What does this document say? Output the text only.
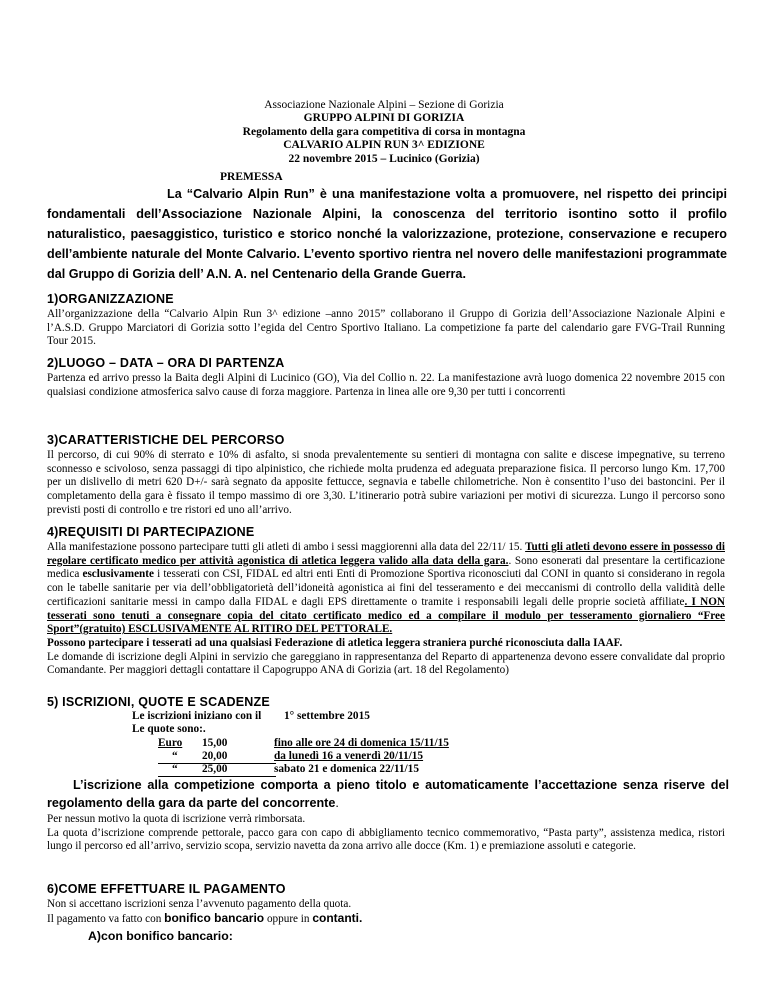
Associazione Nazionale Alpini – Sezione di Gorizia
GRUPPO ALPINI DI GORIZIA
Regolamento della gara competitiva di corsa in montagna
CALVARIO ALPIN RUN 3^ EDIZIONE
22 novembre 2015 – Lucinico (Gorizia)
PREMESSA
La “Calvario Alpin Run” è una manifestazione volta a promuovere, nel rispetto dei principi fondamentali dell’Associazione Nazionale Alpini, la conoscenza del territorio isontino sotto il profilo naturalistico, paesaggistico, turistico e storico nonché la valorizzazione, protezione, conservazione e recupero dell’ambiente naturale del Monte Calvario. L’evento sportivo rientra nel novero delle manifestazioni programmate dal Gruppo di Gorizia dell’ A.N. A. nel Centenario della Grande Guerra.
1)ORGANIZZAZIONE
All’organizzazione della “Calvario Alpin Run 3^ edizione –anno 2015” collaborano il Gruppo di Gorizia dell’Associazione Nazionale Alpini e l’A.S.D. Gruppo Marciatori di Gorizia sotto l’egida del Centro Sportivo Italiano. La competizione fa parte del calendario gare FVG-Trail Running Tour 2015.
2)LUOGO – DATA – ORA DI PARTENZA
Partenza ed arrivo presso la Baita degli Alpini di Lucinico (GO), Via del Collio n. 22. La manifestazione avrà luogo domenica 22 novembre 2015 con qualsiasi condizione atmosferica salvo cause di forza maggiore. Partenza in linea alle ore 9,30 per tutti i concorrenti
3)CARATTERISTICHE DEL PERCORSO
Il percorso, di cui 90% di sterrato e 10% di asfalto, si snoda prevalentemente su sentieri di montagna con salite e discese impegnative, su terreno sconnesso e scivoloso, senza passaggi di tipo alpinistico, che richiede molta prudenza ed adeguata preparazione fisica. Il percorso lungo Km. 17,700 per un dislivello di metri 620 D+/- sarà segnato da apposite fettucce, segnavia e tabelle chilometriche. Non è consentito l’uso dei bastoncini. Per il completamento della gara è fissato il tempo massimo di ore 3,30. L’itinerario potrà subire variazioni per motivi di sicurezza. Lungo il percorso sono previsti posti di controllo e tre ristori ed uno all’arrivo.
4)REQUISITI DI PARTECIPAZIONE

Alla manifestazione possono partecipare tutti gli atleti di ambo i sessi maggiorenni alla data del 22/11/ 15. Tutti gli atleti devono essere in possesso di regolare certificato medico per attività agonistica di atletica leggera valido alla data della gara.. Sono esonerati dal presentare la certificazione medica esclusivamente i tesserati con CSI, FIDAL ed altri enti Enti di Promozione Sportiva riconosciuti dal CONI in quanto si considerano in regola con le tabelle sanitarie per via dell’obbligatorietà dell’idoneità agonistica ai fini del tesseramento e dei meccanismi di controllo della validità delle certificazioni sanitarie messi in campo dalla FIDAL e dagli EPS direttamente o tramite i responsabili legali delle proprie società affiliate. I NON tesserati sono tenuti a consegnare copia del citato certificato medico ed a compilare il modulo per tesseramento giornaliero “Free Sport”(gratuito) ESCLUSIVAMENTE AL RITIRO DEL PETTORALE.

Possono partecipare i tesserati ad una qualsiasi Federazione di atletica leggera straniera purché riconosciuta dalla IAAF.

Le domande di iscrizione degli Alpini in servizio che gareggiano in rappresentanza del Reparto di appartenenza devono essere convalidate dal proprio Comandante. Per maggiori dettagli contattare il Capogruppo ANA di Gorizia (art. 18 del Regolamento)

5) ISCRIZIONI, QUOTE E SCADENZE
Le iscrizioni iniziano con il 1° settembre 2015
Le quote sono:.
Euro 15,00	fino alle ore 24 di domenica 15/11/15
“ 20,00	da lunedì 16 a venerdì 20/11/15
“ 25,00	sabato 21 e domenica 22/11/15
L’iscrizione alla competizione comporta a pieno titolo e automaticamente l’accettazione senza riserve del regolamento della gara da parte del concorrente.

Per nessun motivo la quota di iscrizione verrà rimborsata.

La quota d’iscrizione comprende pettorale, pacco gara con capo di abbigliamento tecnico commemorativo, “Pasta party”, assistenza medica, ristori lungo il percorso ed all’arrivo, servizio scopa, servizio navetta da zona arrivo alle docce (Km. 1) e premiazione assoluti e categorie.

6)COME EFFETTUARE IL PAGAMENTO

Non si accettano iscrizioni senza l’avvenuto pagamento della quota.

Il pagamento va fatto con bonifico bancario oppure in contanti.

A)con bonifico bancario:
